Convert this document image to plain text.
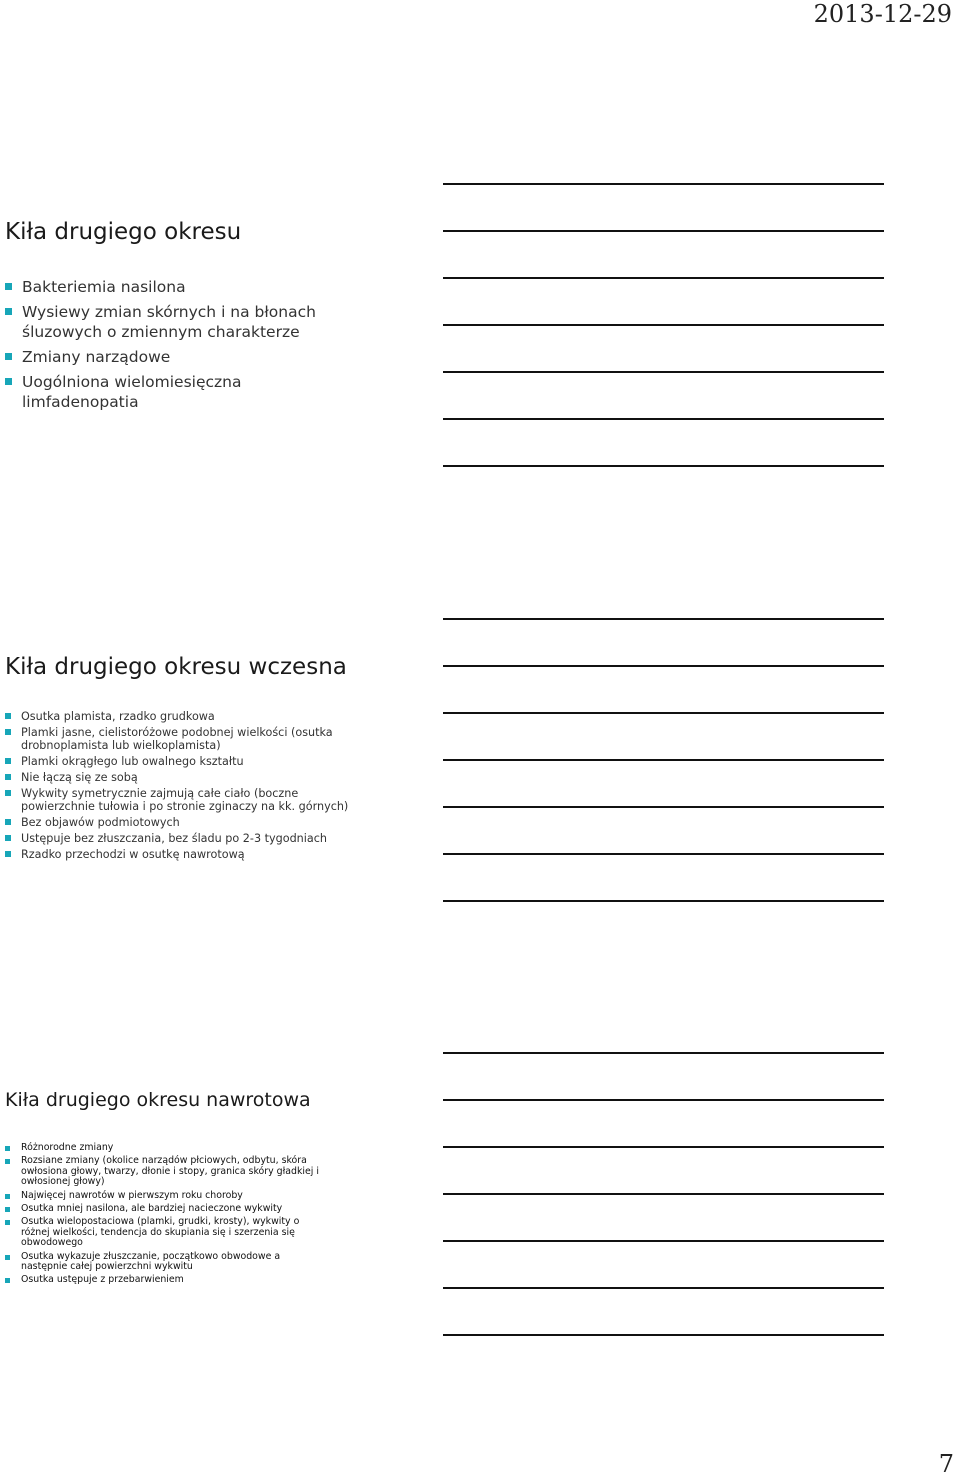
2013-12-29
Kiła drugiego okresu
Bakteriemia nasilona
Wysiewy zmian skórnych i na błonach
śluzowych o zmiennym charakterze
Zmiany narządowe
Uogólniona wielomiesięczna
limfadenopatia
Kiła drugiego okresu wczesna
Osutka plamista, rzadko grudkowa
Plamki jasne, cielistoróżowe podobnej wielkości (osutka
drobnoplamista lub wielkoplamista)
Plamki okrągłego lub owalnego kształtu
Nie łączą się ze sobą
Wykwity symetrycznie zajmują całe ciało (boczne
powierzchnie tułowia i po stronie zginaczy na kk. górnych)
Bez objawów podmiotowych
Ustępuje bez złuszczania, bez śladu po 2-3 tygodniach
Rzadko przechodzi w osutkę nawrotową
Kiła drugiego okresu nawrotowa
Różnorodne zmiany
Rozsiane zmiany (okolice narządów płciowych, odbytu, skóra
owłosiona głowy, twarzy, dłonie i stopy, granica skóry gładkiej i
owłosionej głowy)
Najwięcej nawrotów w pierwszym roku choroby
Osutka mniej nasilona, ale bardziej nacieczone wykwity
Osutka wielopostaciowa (plamki, grudki, krosty), wykwity o
różnej wielkości, tendencja do skupiania się i szerzenia się
obwodowego
Osutka wykazuje złuszczanie, początkowo obwodowe a
następnie całej powierzchni wykwitu
Osutka ustępuje z przebarwieniem
7
